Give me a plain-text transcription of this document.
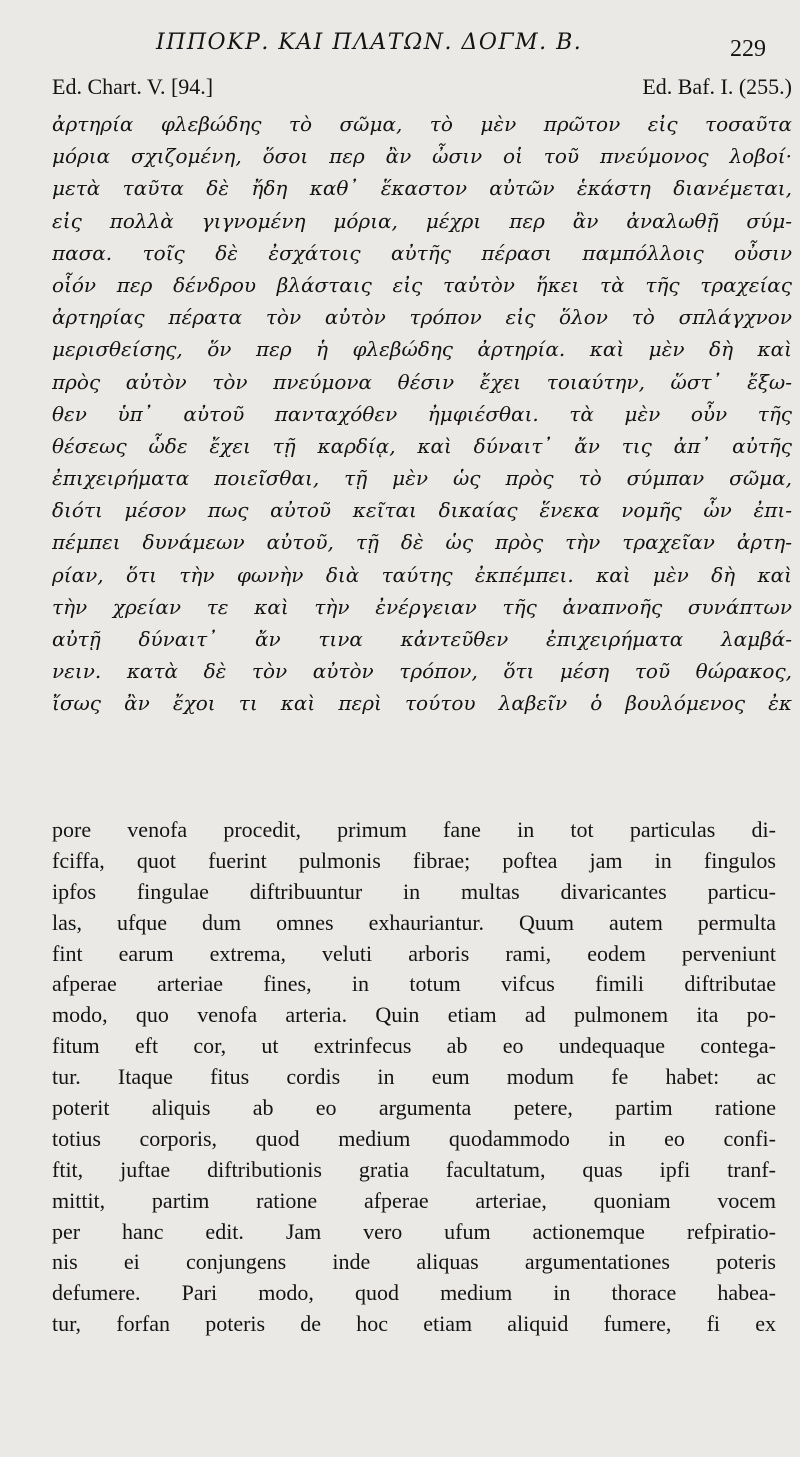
ΙΠΠΟΚΡ. ΚΑΙ ΠΛΑΤΩΝ. ΔΟΓΜ. Β.	229
Ed. Chart. V. [94.]	Ed. Baf. I. (255.)
ἀρτηρία φλεβώδης τὸ σῶμα, τὸ μὲν πρῶτον εἰς τοσαῦτα
μόρια σχιζομένη, ὅσοι περ ἂν ὦσιν οἱ τοῦ πνεύμονος λοβοί·
μετὰ ταῦτα δὲ ἤδη καθ᾽ ἕκαστον αὐτῶν ἑκάστη διανέμεται,
εἰς πολλὰ γιγνομένη μόρια, μέχρι περ ἂν ἀναλωθῇ σύμ-
πασα. τοῖς δὲ ἐσχάτοις αὐτῆς πέρασι παμπόλλοις οὖσιν
οἷόν περ δένδρου βλάσταις εἰς ταὐτὸν ἥκει τὰ τῆς τραχείας
ἀρτηρίας πέρατα τὸν αὐτὸν τρόπον εἰς ὅλον τὸ σπλάγχνον
μερισθείσης, ὅν περ ἡ φλεβώδης ἀρτηρία. καὶ μὲν δὴ καὶ
πρὸς αὐτὸν τὸν πνεύμονα θέσιν ἔχει τοιαύτην, ὥστ᾽ ἔξω-
θεν ὑπ᾽ αὐτοῦ πανταχόθεν ἠμφιέσθαι. τὰ μὲν οὖν τῆς
θέσεως ὧδε ἔχει τῇ καρδίᾳ, καὶ δύναιτ᾽ ἄν τις ἀπ᾽ αὐτῆς
ἐπιχειρήματα ποιεῖσθαι, τῇ μὲν ὡς πρὸς τὸ σύμπαν σῶμα,
διότι μέσον πως αὐτοῦ κεῖται δικαίας ἕνεκα νομῆς ὧν ἐπι-
πέμπει δυνάμεων αὐτοῦ, τῇ δὲ ὡς πρὸς τὴν τραχεῖαν ἀρτη-
ρίαν, ὅτι τὴν φωνὴν διὰ ταύτης ἐκπέμπει. καὶ μὲν δὴ καὶ
τὴν χρείαν τε καὶ τὴν ἐνέργειαν τῆς ἀναπνοῆς συνάπτων
αὐτῇ δύναιτ᾽ ἄν τινα κἀντεῦθεν ἐπιχειρήματα λαμβά-
νειν. κατὰ δὲ τὸν αὐτὸν τρόπον, ὅτι μέση τοῦ θώρακος,
ἴσως ἂν ἔχοι τι καὶ περὶ τούτου λαβεῖν ὁ βουλόμενος ἐκ
pore venofa procedit, primum fane in tot particulas di-
fciffa, quot fuerint pulmonis fibrae; poftea jam in fingulos
ipfos fingulae diftribuuntur in multas divaricantes particu-
las, ufque dum omnes exhauriantur. Quum autem permulta
fint earum extrema, veluti arboris rami, eodem perveniunt
afperae arteriae fines, in totum vifcus fimili diftributae
modo, quo venofa arteria. Quin etiam ad pulmonem ita po-
fitum eft cor, ut extrinfecus ab eo undequaque contega-
tur. Itaque fitus cordis in eum modum fe habet: ac
poterit aliquis ab eo argumenta petere, partim ratione
totius corporis, quod medium quodammodo in eo confi-
ftit, juftae diftributionis gratia facultatum, quas ipfi tranf-
mittit, partim ratione afperae arteriae, quoniam vocem
per hanc edit. Jam vero ufum actionemque refpiratio-
nis ei conjungens inde aliquas argumentationes poteris
defumere. Pari modo, quod medium in thorace habea-
tur, forfan poteris de hoc etiam aliquid fumere, fi ex
